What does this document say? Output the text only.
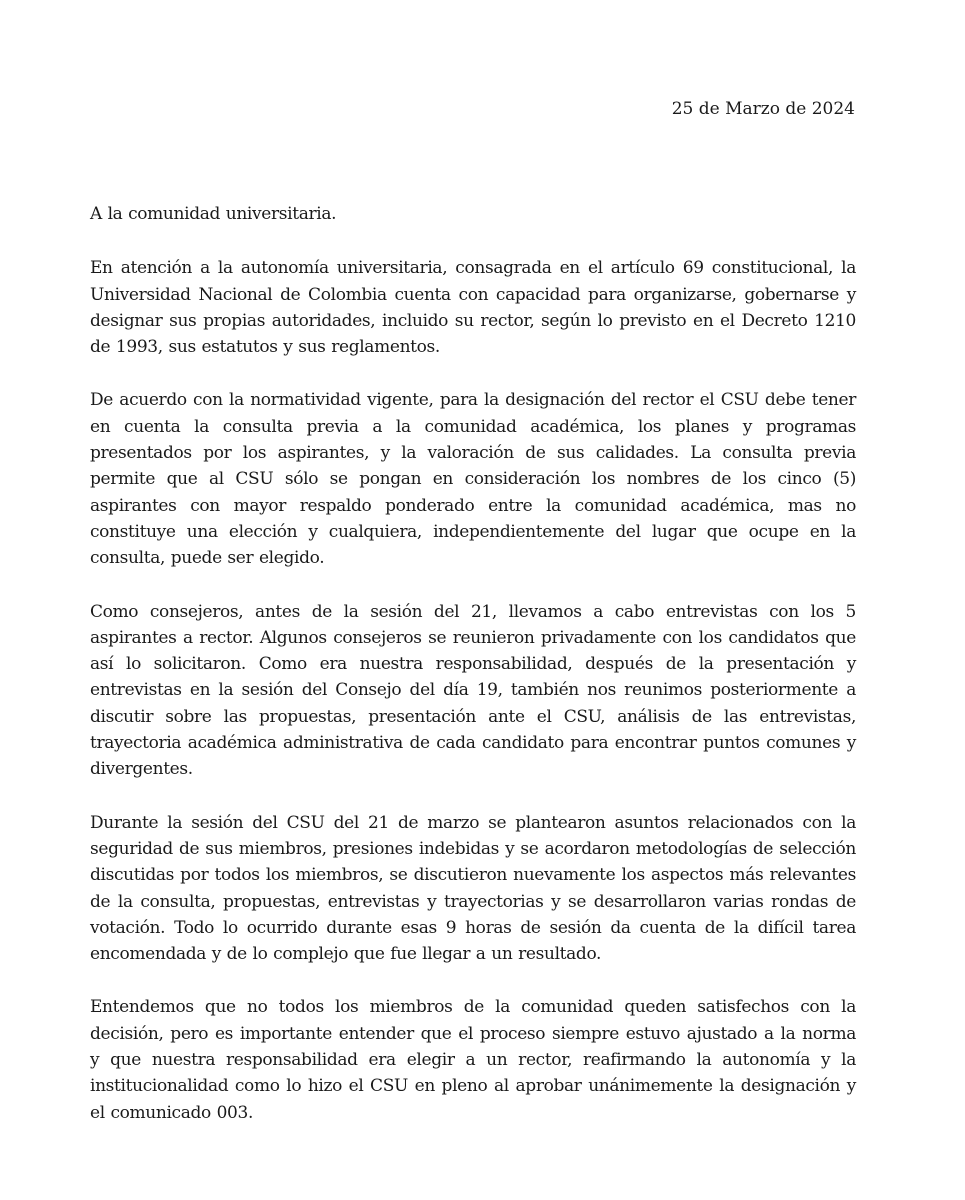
25 de Marzo de 2024

A la comunidad universitaria.

En atención a la autonomía universitaria, consagrada en el artículo 69 constitucional, la Universidad Nacional de Colombia cuenta con capacidad para organizarse, gobernarse y designar sus propias autoridades, incluido su rector, según lo previsto en el Decreto 1210 de 1993, sus estatutos y sus reglamentos.

De acuerdo con la normatividad vigente, para la designación del rector el CSU debe tener en cuenta la consulta previa a la comunidad académica, los planes y programas presentados por los aspirantes, y la valoración de sus calidades. La consulta previa permite que al CSU sólo se pongan en consideración los nombres de los cinco (5) aspirantes con mayor respaldo ponderado entre la comunidad académica, mas no constituye una elección y cualquiera, independientemente del lugar que ocupe en la consulta, puede ser elegido.

Como consejeros, antes de la sesión del 21, llevamos a cabo entrevistas con los 5 aspirantes a rector. Algunos consejeros se reunieron privadamente con los candidatos que así lo solicitaron. Como era nuestra responsabilidad, después de la presentación y entrevistas en la sesión del Consejo del día 19, también nos reunimos posteriormente a discutir sobre las propuestas, presentación ante el CSU, análisis de las entrevistas, trayectoria académica administrativa de cada candidato para encontrar puntos comunes y divergentes.

Durante la sesión del CSU del 21 de marzo se plantearon asuntos relacionados con la seguridad de sus miembros, presiones indebidas y se acordaron metodologías de selección discutidas por todos los miembros, se discutieron nuevamente los aspectos más relevantes de la consulta, propuestas, entrevistas y trayectorias y se desarrollaron varias rondas de votación. Todo lo ocurrido durante esas 9 horas de sesión da cuenta de la difícil tarea encomendada y de lo complejo que fue llegar a un resultado.

Entendemos que no todos los miembros de la comunidad queden satisfechos con la decisión, pero es importante entender que el proceso siempre estuvo ajustado a la norma y que nuestra responsabilidad era elegir a un rector, reafirmando la autonomía y la institucionalidad como lo hizo el CSU en pleno al aprobar unánimemente la designación y el comunicado 003.
